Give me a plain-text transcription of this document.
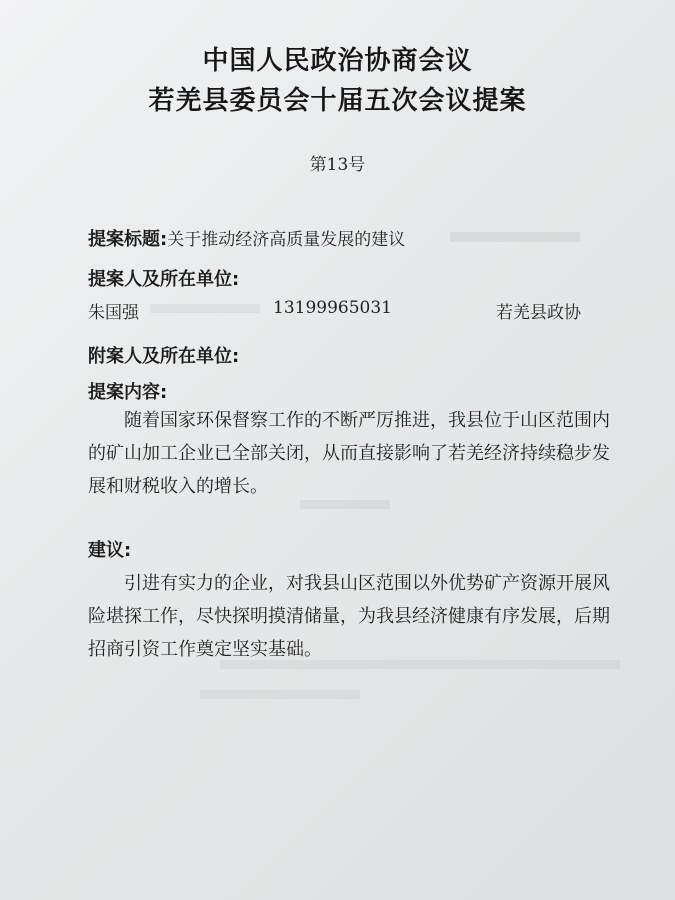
中国人民政治协商会议
若羌县委员会十届五次会议提案
第13号
提案标题:关于推动经济高质量发展的建议
提案人及所在单位:
朱国强	13199965031	若羌县政协
附案人及所在单位:
提案内容:
　　随着国家环保督察工作的不断严厉推进，我县位于山区范围内的矿山加工企业已全部关闭，从而直接影响了若羌经济持续稳步发展和财税收入的增长。
建议:
　　引进有实力的企业，对我县山区范围以外优势矿产资源开展风险堪探工作，尽快探明摸清储量，为我县经济健康有序发展，后期招商引资工作奠定坚实基础。
